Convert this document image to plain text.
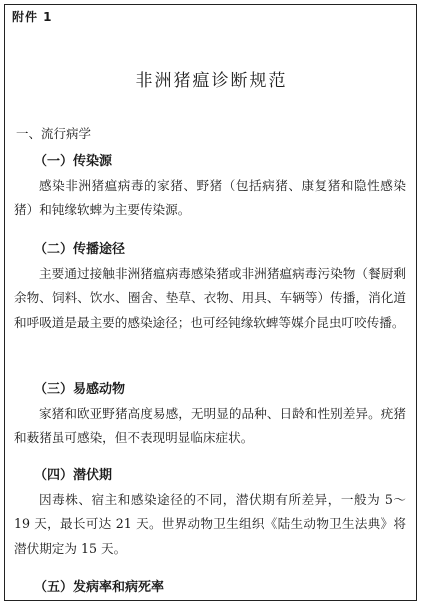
附件 1
非洲猪瘟诊断规范
一、流行病学
（一）传染源

感染非洲猪瘟病毒的家猪、野猪（包括病猪、康复猪和隐性感染猪）和钝缘软蜱为主要传染源。

（二）传播途径

主要通过接触非洲猪瘟病毒感染猪或非洲猪瘟病毒污染物（餐厨剩余物、饲料、饮水、圈舍、垫草、衣物、用具、车辆等）传播，消化道和呼吸道是最主要的感染途径；也可经钝缘软蜱等媒介昆虫叮咬传播。

（三）易感动物

家猪和欧亚野猪高度易感，无明显的品种、日龄和性别差异。疣猪和薮猪虽可感染，但不表现明显临床症状。

（四）潜伏期

因毒株、宿主和感染途径的不同，潜伏期有所差异，一般为 5～19 天，最长可达 21 天。世界动物卫生组织《陆生动物卫生法典》将潜伏期定为 15 天。

（五）发病率和病死率
